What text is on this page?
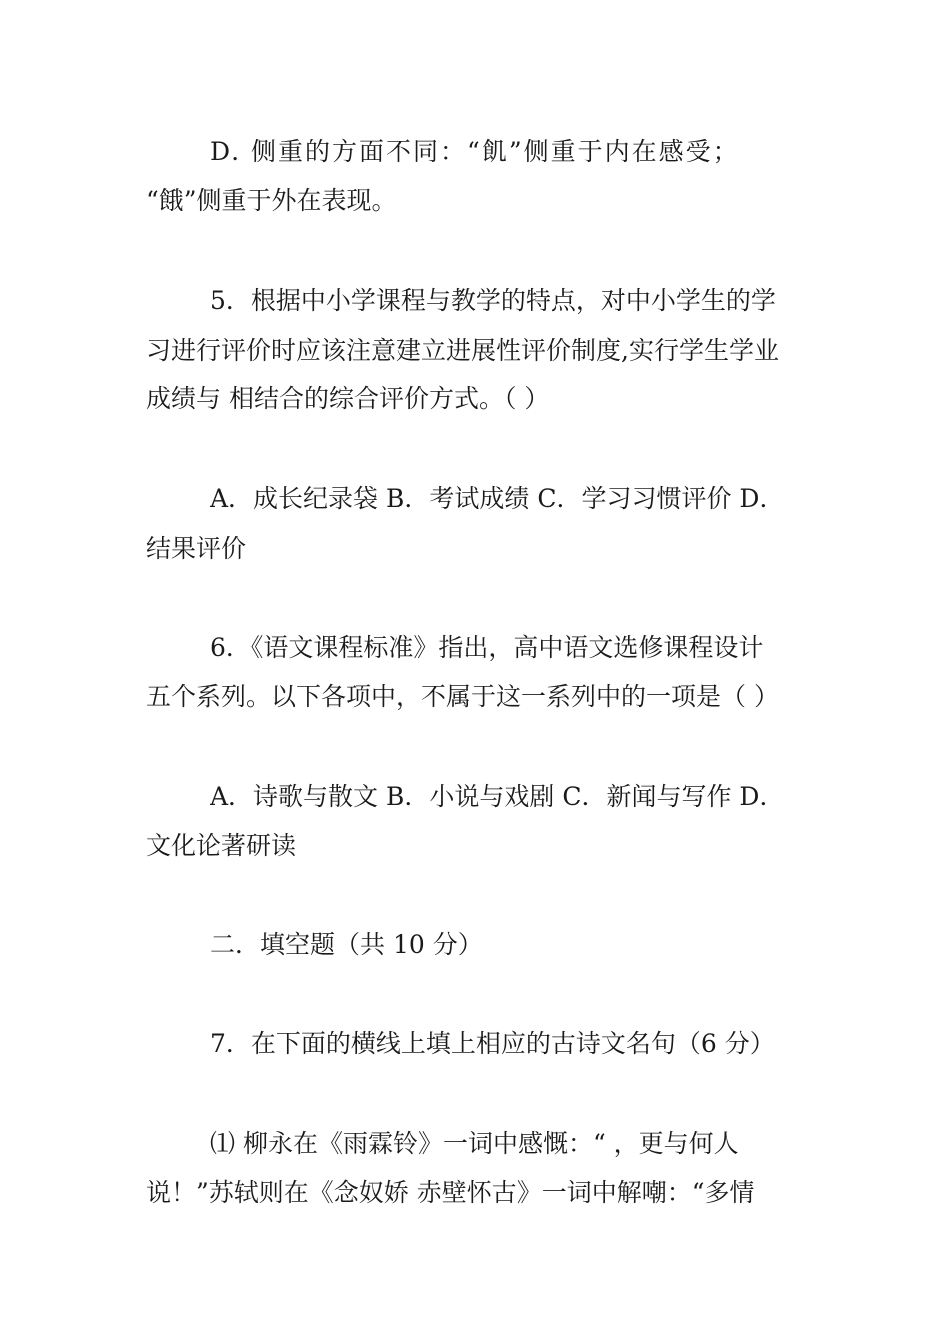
D. 侧重的方面不同：“飢”侧重于内在感受；
“餓”侧重于外在表现。
5．根据中小学课程与教学的特点，对中小学生的学
习进行评价时应该注意建立进展性评价制度,实行学生学业
成绩与 相结合的综合评价方式。（ ）
A．成长纪录袋 B．考试成绩 C．学习习惯评价 D．
结果评价
6．《语文课程标准》指出，高中语文选修课程设计
五个系列。以下各项中，不属于这一系列中的一项是（ ）
A．诗歌与散文 B．小说与戏剧 C．新闻与写作 D．
文化论著研读
二．填空题（共 10 分）
7．在下面的横线上填上相应的古诗文名句（6 分）
⑴ 柳永在《雨霖铃》一词中感慨：“ ，更与何人
说！”苏轼则在《念奴娇 赤壁怀古》一词中解嘲：“多情
